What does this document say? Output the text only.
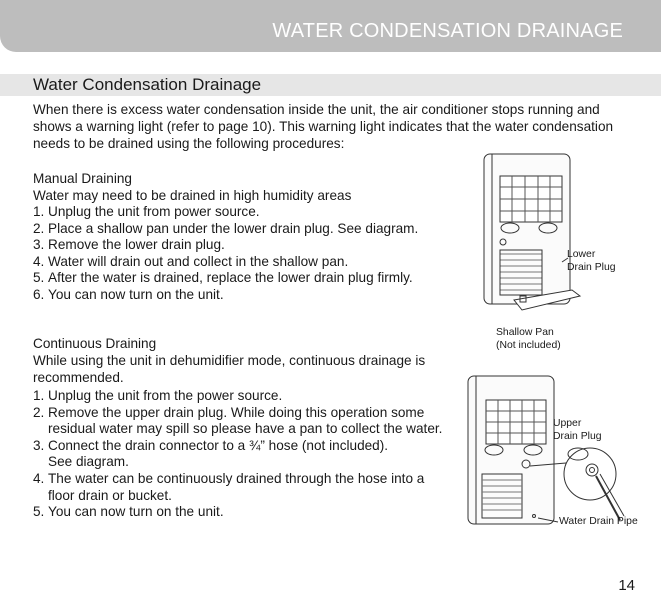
WATER CONDENSATION DRAINAGE
Water Condensation Drainage
When there is excess water condensation inside the unit, the air conditioner stops running and
shows a warning light (refer to page 10). This warning light indicates that the water condensation
needs to be drained using the following procedures:
Manual Draining
Water may need to be drained in high humidity areas
1. Unplug the unit from power source.
2. Place a shallow pan under the lower drain plug. See diagram.
3. Remove the lower drain plug.
4. Water will drain out and collect in the shallow pan.
5. After the water is drained, replace the lower drain plug firmly.
6. You can now turn on the unit.
Continuous Draining
While using the unit in dehumidifier mode, continuous drainage is
recommended.
1. Unplug the unit from the power source.
2. Remove the upper drain plug. While doing this operation some
residual water may spill so please have a pan to collect the water.
3. Connect the drain connector to a ¾” hose (not included).
See diagram.
4. The water can be continuously drained through the hose into a
floor drain or bucket.
5. You can now turn on the unit.
Lower
Drain Plug
Shallow Pan
(Not included)
Upper
Drain Plug
Water Drain Pipe
14
